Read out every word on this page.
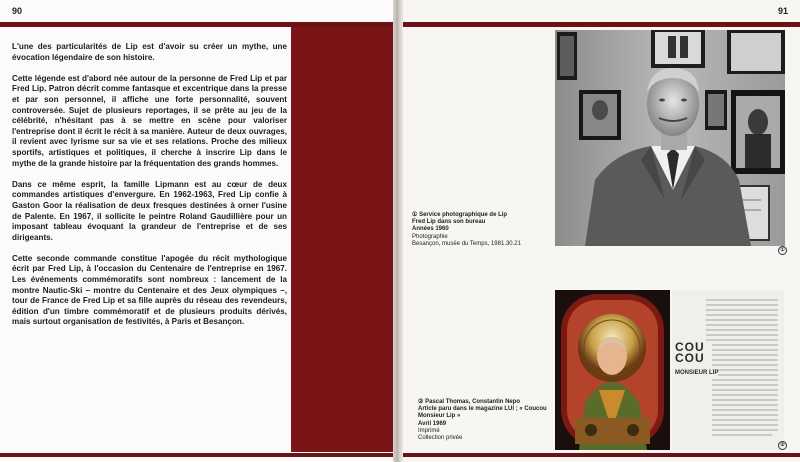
90

L'une des particularités de Lip est d'avoir su créer un mythe, une évocation légendaire de son histoire.

Cette légende est d'abord née autour de la personne de Fred Lip et par Fred Lip. Patron décrit comme fantasque et excentrique dans la presse et par son personnel, il affiche une forte personnalité, souvent controversée. Sujet de plusieurs reportages, il se prête au jeu de la célébrité, n'hésitant pas à se mettre en scène pour valoriser l'entreprise dont il écrit le récit à sa manière. Auteur de deux ouvrages, il revient avec lyrisme sur sa vie et ses relations. Proche des milieux sportifs, artistiques et politiques, il cherche à inscrire Lip dans le mythe de la grande histoire par la fréquentation des grands hommes.

Dans ce même esprit, la famille Lipmann est au cœur de deux commandes artistiques d'envergure. En 1962-1963, Fred Lip confie à Gaston Goor la réalisation de deux fresques destinées à orner l'usine de Palente. En 1967, il sollicite le peintre Roland Gaudillière pour un imposant tableau évoquant la grandeur de l'entreprise et de ses dirigeants.

Cette seconde commande constitue l'apogée du récit mythologique écrit par Fred Lip, à l'occasion du Centenaire de l'entreprise en 1967. Les événements commémoratifs sont nombreux : lancement de la montre Nautic-Ski – montre du Centenaire et des Jeux olympiques –, tour de France de Fred Lip et sa fille auprès du réseau des revendeurs, édition d'un timbre commémoratif et de plusieurs produits dérivés, mais surtout organisation de festivités, à Paris et Besançon.

91
① Service photographique de Lip
Fred Lip dans son bureau
Années 1960
Photographie
Besançon, musée du Temps, 1981.30.21
①
COU COU
MONSIEUR LIP
② Pascal Thomas, Constantin Nepo
Article paru dans le magazine LUI ; « Coucou Monsieur Lip »
Avril 1969
Imprimé
Collection privée
②
